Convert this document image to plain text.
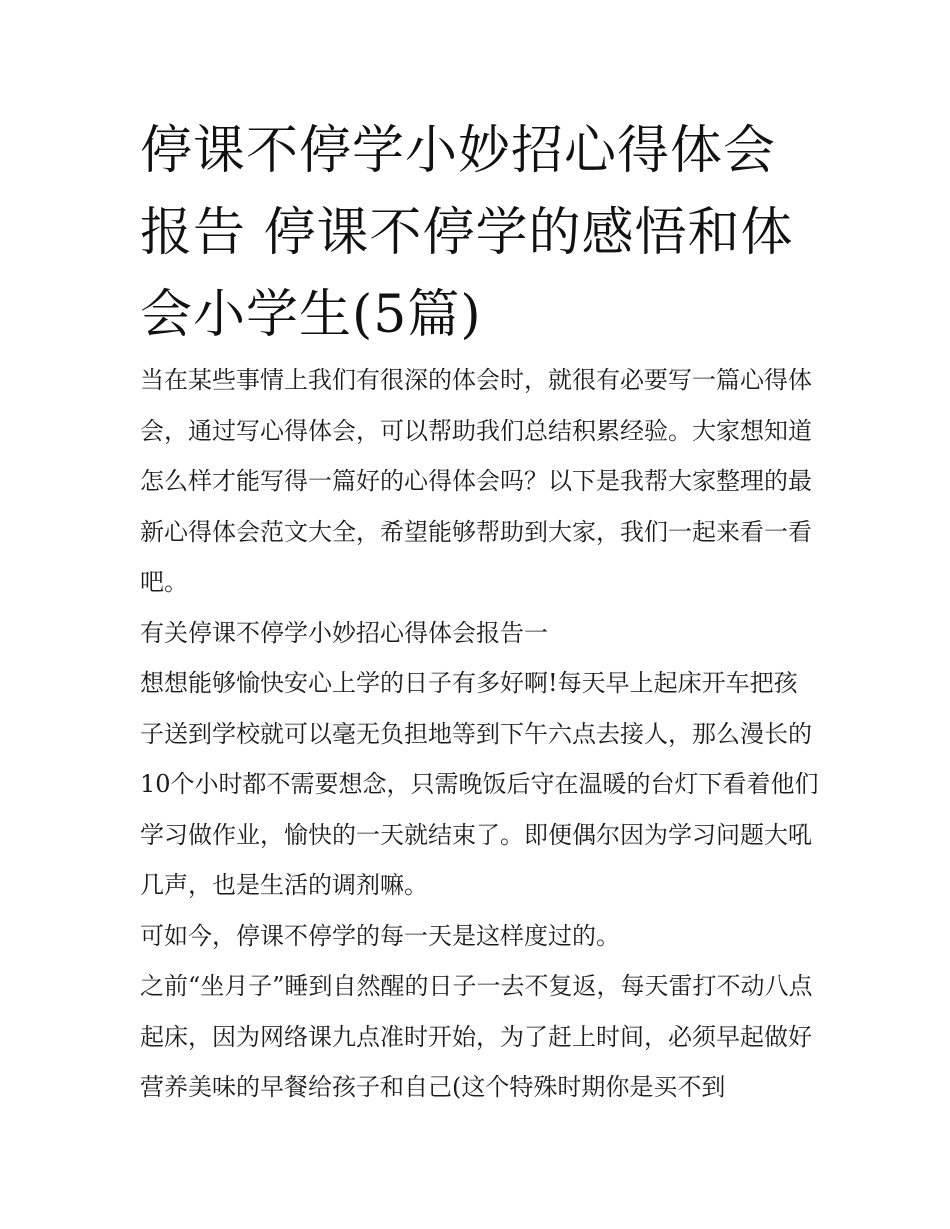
停课不停学小妙招心得体会报告 停课不停学的感悟和体会小学生(5篇)

当在某些事情上我们有很深的体会时，就很有必要写一篇心得体会，通过写心得体会，可以帮助我们总结积累经验。大家想知道怎么样才能写得一篇好的心得体会吗？以下是我帮大家整理的最新心得体会范文大全，希望能够帮助到大家，我们一起来看一看吧。

有关停课不停学小妙招心得体会报告一

想想能够愉快安心上学的日子有多好啊!每天早上起床开车把孩子送到学校就可以毫无负担地等到下午六点去接人，那么漫长的10个小时都不需要想念，只需晚饭后守在温暖的台灯下看着他们学习做作业，愉快的一天就结束了。即便偶尔因为学习问题大吼几声，也是生活的调剂嘛。

可如今，停课不停学的每一天是这样度过的。

之前“坐月子”睡到自然醒的日子一去不复返，每天雷打不动八点起床，因为网络课九点准时开始，为了赶上时间，必须早起做好营养美味的早餐给孩子和自己(这个特殊时期你是买不到
